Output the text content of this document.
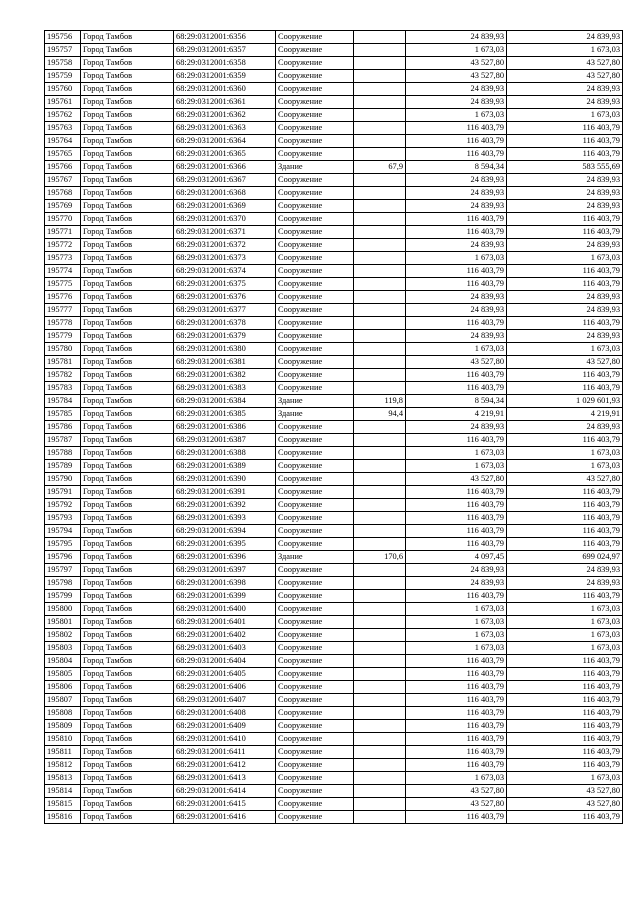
195756	Город Тамбов	68:29:0312001:6356	Сооружение		24 839,93	24 839,93
195757	Город Тамбов	68:29:0312001:6357	Сооружение		1 673,03	1 673,03
195758	Город Тамбов	68:29:0312001:6358	Сооружение		43 527,80	43 527,80
195759	Город Тамбов	68:29:0312001:6359	Сооружение		43 527,80	43 527,80
195760	Город Тамбов	68:29:0312001:6360	Сооружение		24 839,93	24 839,93
195761	Город Тамбов	68:29:0312001:6361	Сооружение		24 839,93	24 839,93
195762	Город Тамбов	68:29:0312001:6362	Сооружение		1 673,03	1 673,03
195763	Город Тамбов	68:29:0312001:6363	Сооружение		116 403,79	116 403,79
195764	Город Тамбов	68:29:0312001:6364	Сооружение		116 403,79	116 403,79
195765	Город Тамбов	68:29:0312001:6365	Сооружение		116 403,79	116 403,79
195766	Город Тамбов	68:29:0312001:6366	Здание	67,9	8 594,34	583 555,69
195767	Город Тамбов	68:29:0312001:6367	Сооружение		24 839,93	24 839,93
195768	Город Тамбов	68:29:0312001:6368	Сооружение		24 839,93	24 839,93
195769	Город Тамбов	68:29:0312001:6369	Сооружение		24 839,93	24 839,93
195770	Город Тамбов	68:29:0312001:6370	Сооружение		116 403,79	116 403,79
195771	Город Тамбов	68:29:0312001:6371	Сооружение		116 403,79	116 403,79
195772	Город Тамбов	68:29:0312001:6372	Сооружение		24 839,93	24 839,93
195773	Город Тамбов	68:29:0312001:6373	Сооружение		1 673,03	1 673,03
195774	Город Тамбов	68:29:0312001:6374	Сооружение		116 403,79	116 403,79
195775	Город Тамбов	68:29:0312001:6375	Сооружение		116 403,79	116 403,79
195776	Город Тамбов	68:29:0312001:6376	Сооружение		24 839,93	24 839,93
195777	Город Тамбов	68:29:0312001:6377	Сооружение		24 839,93	24 839,93
195778	Город Тамбов	68:29:0312001:6378	Сооружение		116 403,79	116 403,79
195779	Город Тамбов	68:29:0312001:6379	Сооружение		24 839,93	24 839,93
195780	Город Тамбов	68:29:0312001:6380	Сооружение		1 673,03	1 673,03
195781	Город Тамбов	68:29:0312001:6381	Сооружение		43 527,80	43 527,80
195782	Город Тамбов	68:29:0312001:6382	Сооружение		116 403,79	116 403,79
195783	Город Тамбов	68:29:0312001:6383	Сооружение		116 403,79	116 403,79
195784	Город Тамбов	68:29:0312001:6384	Здание	119,8	8 594,34	1 029 601,93
195785	Город Тамбов	68:29:0312001:6385	Здание	94,4	4 219,91	4 219,91
195786	Город Тамбов	68:29:0312001:6386	Сооружение		24 839,93	24 839,93
195787	Город Тамбов	68:29:0312001:6387	Сооружение		116 403,79	116 403,79
195788	Город Тамбов	68:29:0312001:6388	Сооружение		1 673,03	1 673,03
195789	Город Тамбов	68:29:0312001:6389	Сооружение		1 673,03	1 673,03
195790	Город Тамбов	68:29:0312001:6390	Сооружение		43 527,80	43 527,80
195791	Город Тамбов	68:29:0312001:6391	Сооружение		116 403,79	116 403,79
195792	Город Тамбов	68:29:0312001:6392	Сооружение		116 403,79	116 403,79
195793	Город Тамбов	68:29:0312001:6393	Сооружение		116 403,79	116 403,79
195794	Город Тамбов	68:29:0312001:6394	Сооружение		116 403,79	116 403,79
195795	Город Тамбов	68:29:0312001:6395	Сооружение		116 403,79	116 403,79
195796	Город Тамбов	68:29:0312001:6396	Здание	170,6	4 097,45	699 024,97
195797	Город Тамбов	68:29:0312001:6397	Сооружение		24 839,93	24 839,93
195798	Город Тамбов	68:29:0312001:6398	Сооружение		24 839,93	24 839,93
195799	Город Тамбов	68:29:0312001:6399	Сооружение		116 403,79	116 403,79
195800	Город Тамбов	68:29:0312001:6400	Сооружение		1 673,03	1 673,03
195801	Город Тамбов	68:29:0312001:6401	Сооружение		1 673,03	1 673,03
195802	Город Тамбов	68:29:0312001:6402	Сооружение		1 673,03	1 673,03
195803	Город Тамбов	68:29:0312001:6403	Сооружение		1 673,03	1 673,03
195804	Город Тамбов	68:29:0312001:6404	Сооружение		116 403,79	116 403,79
195805	Город Тамбов	68:29:0312001:6405	Сооружение		116 403,79	116 403,79
195806	Город Тамбов	68:29:0312001:6406	Сооружение		116 403,79	116 403,79
195807	Город Тамбов	68:29:0312001:6407	Сооружение		116 403,79	116 403,79
195808	Город Тамбов	68:29:0312001:6408	Сооружение		116 403,79	116 403,79
195809	Город Тамбов	68:29:0312001:6409	Сооружение		116 403,79	116 403,79
195810	Город Тамбов	68:29:0312001:6410	Сооружение		116 403,79	116 403,79
195811	Город Тамбов	68:29:0312001:6411	Сооружение		116 403,79	116 403,79
195812	Город Тамбов	68:29:0312001:6412	Сооружение		116 403,79	116 403,79
195813	Город Тамбов	68:29:0312001:6413	Сооружение		1 673,03	1 673,03
195814	Город Тамбов	68:29:0312001:6414	Сооружение		43 527,80	43 527,80
195815	Город Тамбов	68:29:0312001:6415	Сооружение		43 527,80	43 527,80
195816	Город Тамбов	68:29:0312001:6416	Сооружение		116 403,79	116 403,79
